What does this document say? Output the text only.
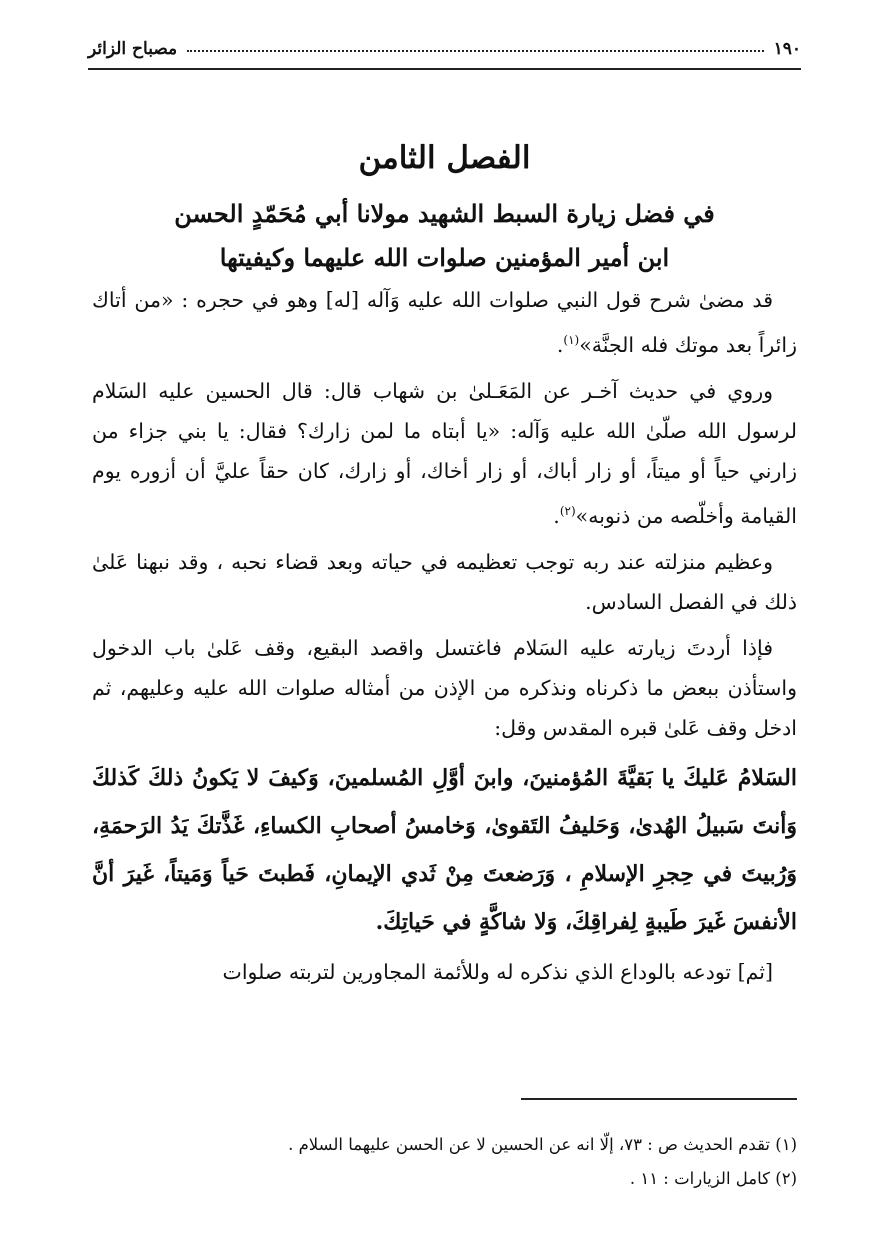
١٩٠
مصباح الزائر
الفصل الثامن
في فضل زيارة السبط الشهيد مولانا أبي مُحَمّدٍ الحسن
ابن أمير المؤمنين صلوات الله عليهما وكيفيتها

قد مضىٰ شرح قول النبي صلوات الله عليه وَآله [له] وهو في حجره : «من أتاك زائراً بعد موتك فله الجنَّة»$^{(١)}$.

وروي في حديث آخـر عن المَعَـلىٰ بن شهاب قال: قال الحسين عليه السَلام لرسول الله صلّىٰ الله عليه وَآله: «يا أبتاه ما لمن زارك؟ فقال: يا بني جزاء من زارني حياً أو ميتاً، أو زار أباك، أو زار أخاك، أو زارك، كان حقاً عليَّ أن أزوره يوم القيامة وأخلّصه من ذنوبه»$^{(٢)}$.

وعظيم منزلته عند ربه توجب تعظيمه في حياته وبعد قضاء نحبه ، وقد نبهنا عَلىٰ ذلك في الفصل السادس.

فإذا أردتَ زيارته عليه السَلام فاغتسل واقصد البقيع، وقف عَلىٰ باب الدخول واستأذن ببعض ما ذكرناه ونذكره من الإذن من أمثاله صلوات الله عليه وعليهم، ثم ادخل وقف عَلىٰ قبره المقدس وقل:

السَلامُ عَليكَ يا بَقيَّةَ المُؤمنينَ، وابنَ أوَّلِ المُسلمينَ، وَكيفَ لا يَكونُ ذلكَ كَذلكَ وَأنتَ سَبيلُ الهُدىٰ، وَحَليفُ التَقوىٰ، وَخامسُ أصحابِ الكساءِ، غَذَّتكَ يَدُ الرَحمَةِ، وَرُبيتَ في حِجرِ الإسلامِ ، وَرَضعتَ مِنْ ثَدي الإيمانِ، فَطبتَ حَياً وَمَيتاً، غَيرَ أنَّ الأنفسَ غَيرَ طَيبةٍ لِفراقِكَ، وَلا شاكَّةٍ في حَياتِكَ.

[ثم] تودعه بالوداع الذي نذكره له وللأئمة المجاورين لتربته صلوات

(١) تقدم الحديث ص : ٧٣، إلّا انه عن الحسين لا عن الحسن عليهما السلام .
(٢) كامل الزيارات : ١١ .
